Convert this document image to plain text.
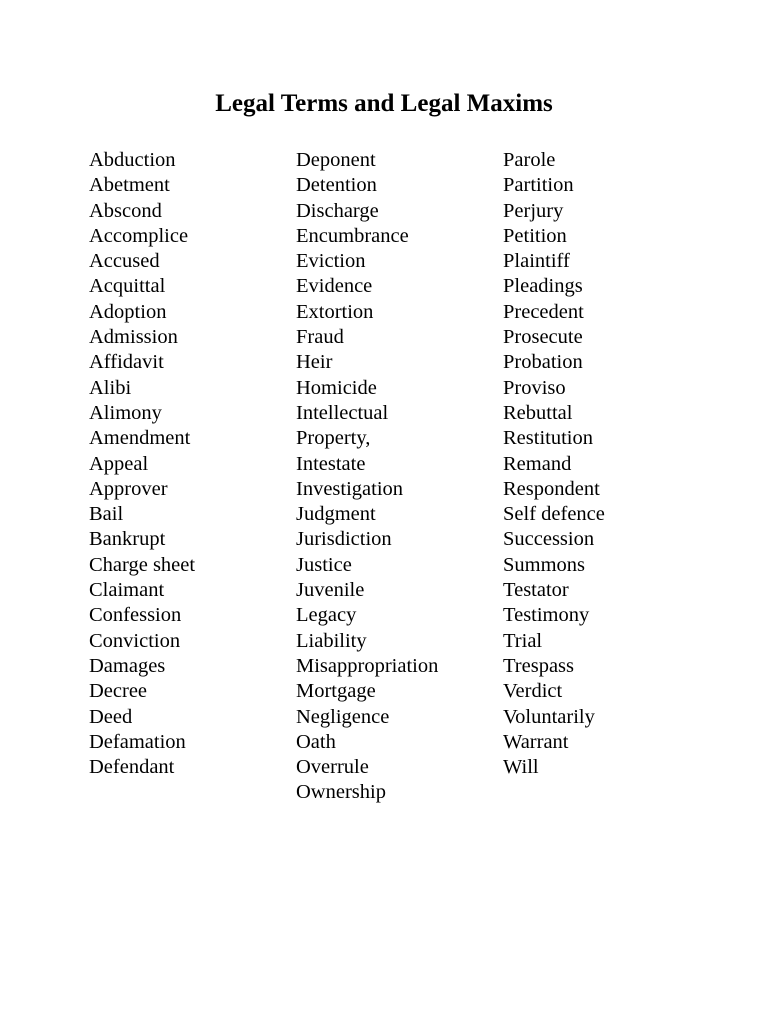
Legal Terms and Legal Maxims
Abduction
Abetment
Abscond
Accomplice
Accused
Acquittal
Adoption
Admission
Affidavit
Alibi
Alimony
Amendment
Appeal
Approver
Bail
Bankrupt
Charge sheet
Claimant
Confession
Conviction
Damages
Decree
Deed
Defamation
Defendant
Deponent
Detention
Discharge
Encumbrance
Eviction
Evidence
Extortion
Fraud
Heir
Homicide
Intellectual
Property,
Intestate
Investigation
Judgment
Jurisdiction
Justice
Juvenile
Legacy
Liability
Misappropriation
Mortgage
Negligence
Oath
Overrule
Ownership
Parole
Partition
Perjury
Petition
Plaintiff
Pleadings
Precedent
Prosecute
Probation
Proviso
Rebuttal
Restitution
Remand
Respondent
Self defence
Succession
Summons
Testator
Testimony
Trial
Trespass
Verdict
Voluntarily
Warrant
Will
